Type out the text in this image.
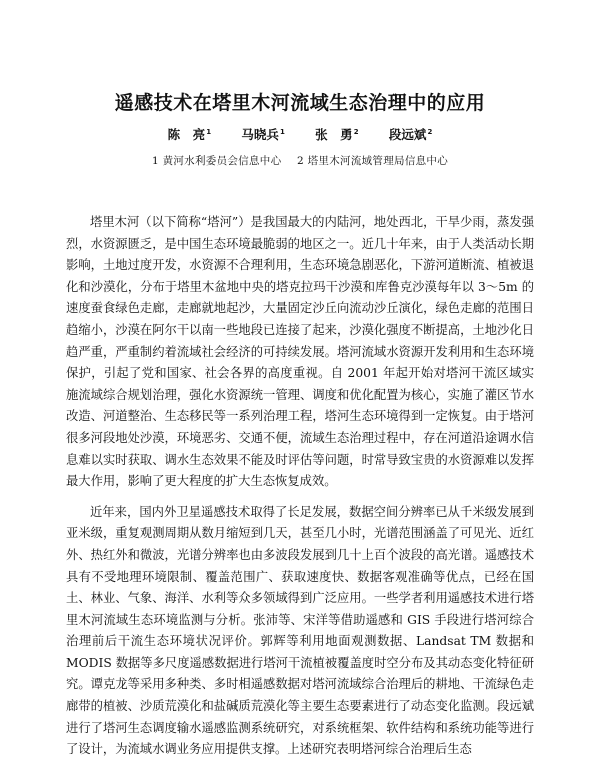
遥感技术在塔里木河流域生态治理中的应用
陈　亮$^1$ 马晓兵$^1$ 张　勇$^2$ 段远斌$^2$
1 黄河水利委员会信息中心 2 塔里木河流域管理局信息中心

塔里木河（以下简称“塔河”）是我国最大的内陆河，地处西北，干旱少雨，蒸发强烈，水资源匮乏，是中国生态环境最脆弱的地区之一。近几十年来，由于人类活动长期影响，土地过度开发，水资源不合理利用，生态环境急剧恶化，下游河道断流、植被退化和沙漠化，分布于塔里木盆地中央的塔克拉玛干沙漠和库鲁克沙漠每年以 3～5m 的速度蚕食绿色走廊，走廊就地起沙，大量固定沙丘向流动沙丘演化，绿色走廊的范围日趋缩小，沙漠在阿尔干以南一些地段已连接了起来，沙漠化强度不断提高，土地沙化日趋严重，严重制约着流域社会经济的可持续发展。塔河流域水资源开发利用和生态环境保护，引起了党和国家、社会各界的高度重视。自 2001 年起开始对塔河干流区域实施流域综合规划治理，强化水资源统一管理、调度和优化配置为核心，实施了灌区节水改造、河道整治、生态移民等一系列治理工程，塔河生态环境得到一定恢复。由于塔河很多河段地处沙漠，环境恶劣、交通不便，流域生态治理过程中，存在河道沿途调水信息难以实时获取、调水生态效果不能及时评估等问题，时常导致宝贵的水资源难以发挥最大作用，影响了更大程度的扩大生态恢复成效。

近年来，国内外卫星遥感技术取得了长足发展，数据空间分辨率已从千米级发展到亚米级，重复观测周期从数月缩短到几天，甚至几小时，光谱范围涵盖了可见光、近红外、热红外和微波，光谱分辨率也由多波段发展到几十上百个波段的高光谱。遥感技术具有不受地理环境限制、覆盖范围广、获取速度快、数据客观准确等优点，已经在国土、林业、气象、海洋、水利等众多领域得到广泛应用。一些学者利用遥感技术进行塔里木河流域生态环境监测与分析。张沛等、宋洋等借助遥感和 GIS 手段进行塔河综合治理前后干流生态环境状况评价。郭辉等利用地面观测数据、Landsat TM 数据和 MODIS 数据等多尺度遥感数据进行塔河干流植被覆盖度时空分布及其动态变化特征研究。谭克龙等采用多种类、多时相遥感数据对塔河流域综合治理后的耕地、干流绿色走廊带的植被、沙质荒漠化和盐碱质荒漠化等主要生态要素进行了动态变化监测。段远斌进行了塔河生态调度输水遥感监测系统研究，对系统框架、软件结构和系统功能等进行了设计，为流域水调业务应用提供支撑。上述研究表明塔河综合治理后生态
